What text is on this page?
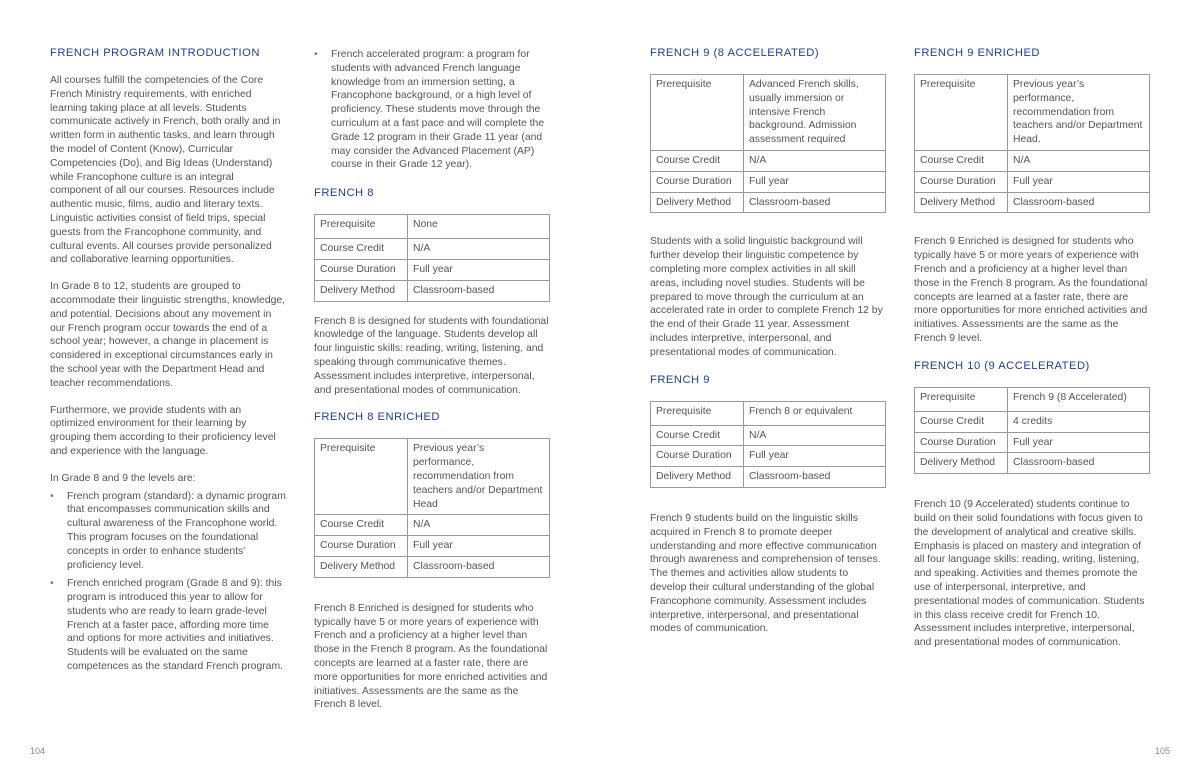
FRENCH PROGRAM INTRODUCTION

All courses fulfill the competencies of the Core French Ministry requirements, with enriched learning taking place at all levels. Students communicate actively in French, both orally and in written form in authentic tasks, and learn through the model of Content (Know), Curricular Competencies (Do), and Big Ideas (Understand) while Francophone culture is an integral component of all our courses. Resources include authentic music, films, audio and literary texts. Linguistic activities consist of field trips, special guests from the Francophone community, and cultural events. All courses provide personalized and collaborative learning opportunities.

In Grade 8 to 12, students are grouped to accommodate their linguistic strengths, knowledge, and potential. Decisions about any movement in our French program occur towards the end of a school year; however, a change in placement is considered in exceptional circumstances early in the school year with the Department Head and teacher recommendations.

Furthermore, we provide students with an optimized environment for their learning by grouping them according to their proficiency level and experience with the language.

In Grade 8 and 9 the levels are:

• French program (standard): a dynamic program that encompasses communication skills and cultural awareness of the Francophone world. This program focuses on the foundational concepts in order to enhance students’ proficiency level.
• French enriched program (Grade 8 and 9): this program is introduced this year to allow for students who are ready to learn grade-level French at a faster pace, affording more time and options for more activities and initiatives. Students will be evaluated on the same competences as the standard French program.
• French accelerated program: a program for students with advanced French language knowledge from an immersion setting, a Francophone background, or a high level of proficiency. These students move through the curriculum at a fast pace and will complete the Grade 12 program in their Grade 11 year (and may consider the Advanced Placement (AP) course in their Grade 12 year).
FRENCH 8
Prerequisite	None
Course Credit	N/A
Course Duration	Full year
Delivery Method	Classroom-based

French 8 is designed for students with foundational knowledge of the language. Students develop all four linguistic skills: reading, writing, listening, and speaking through communicative themes. Assessment includes interpretive, interpersonal, and presentational modes of communication.

FRENCH 8 ENRICHED
Prerequisite	Previous year’s performance, recommendation from teachers and/or Department Head
Course Credit	N/A
Course Duration	Full year
Delivery Method	Classroom-based

French 8 Enriched is designed for students who typically have 5 or more years of experience with French and a proficiency at a higher level than those in the French 8 program. As the foundational concepts are learned at a faster rate, there are more opportunities for more enriched activities and initiatives. Assessments are the same as the French 8 level.

FRENCH 9 (8 ACCELERATED)
Prerequisite	Advanced French skills, usually immersion or intensive French background. Admission assessment required
Course Credit	N/A
Course Duration	Full year
Delivery Method	Classroom-based

Students with a solid linguistic background will further develop their linguistic competence by completing more complex activities in all skill areas, including novel studies. Students will be prepared to move through the curriculum at an accelerated rate in order to complete French 12 by the end of their Grade 11 year. Assessment includes interpretive, interpersonal, and presentational modes of communication.

FRENCH 9
Prerequisite	French 8 or equivalent
Course Credit	N/A
Course Duration	Full year
Delivery Method	Classroom-based

French 9 students build on the linguistic skills acquired in French 8 to promote deeper understanding and more effective communication through awareness and comprehension of tenses. The themes and activities allow students to develop their cultural understanding of the global Francophone community. Assessment includes interpretive, interpersonal, and presentational modes of communication.

FRENCH 9 ENRICHED
Prerequisite	Previous year’s performance, recommendation from teachers and/or Department Head.
Course Credit	N/A
Course Duration	Full year
Delivery Method	Classroom-based

French 9 Enriched is designed for students who typically have 5 or more years of experience with French and a proficiency at a higher level than those in the French 8 program. As the foundational concepts are learned at a faster rate, there are more opportunities for more enriched activities and initiatives. Assessments are the same as the French 9 level.

FRENCH 10 (9 ACCELERATED)
Prerequisite	French 9 (8 Accelerated)
Course Credit	4 credits
Course Duration	Full year
Delivery Method	Classroom-based

French 10 (9 Accelerated) students continue to build on their solid foundations with focus given to the development of analytical and creative skills. Emphasis is placed on mastery and integration of all four language skills: reading, writing, listening, and speaking. Activities and themes promote the use of interpersonal, interpretive, and presentational modes of communication. Students in this class receive credit for French 10. Assessment includes interpretive, interpersonal, and presentational modes of communication.

104	105
